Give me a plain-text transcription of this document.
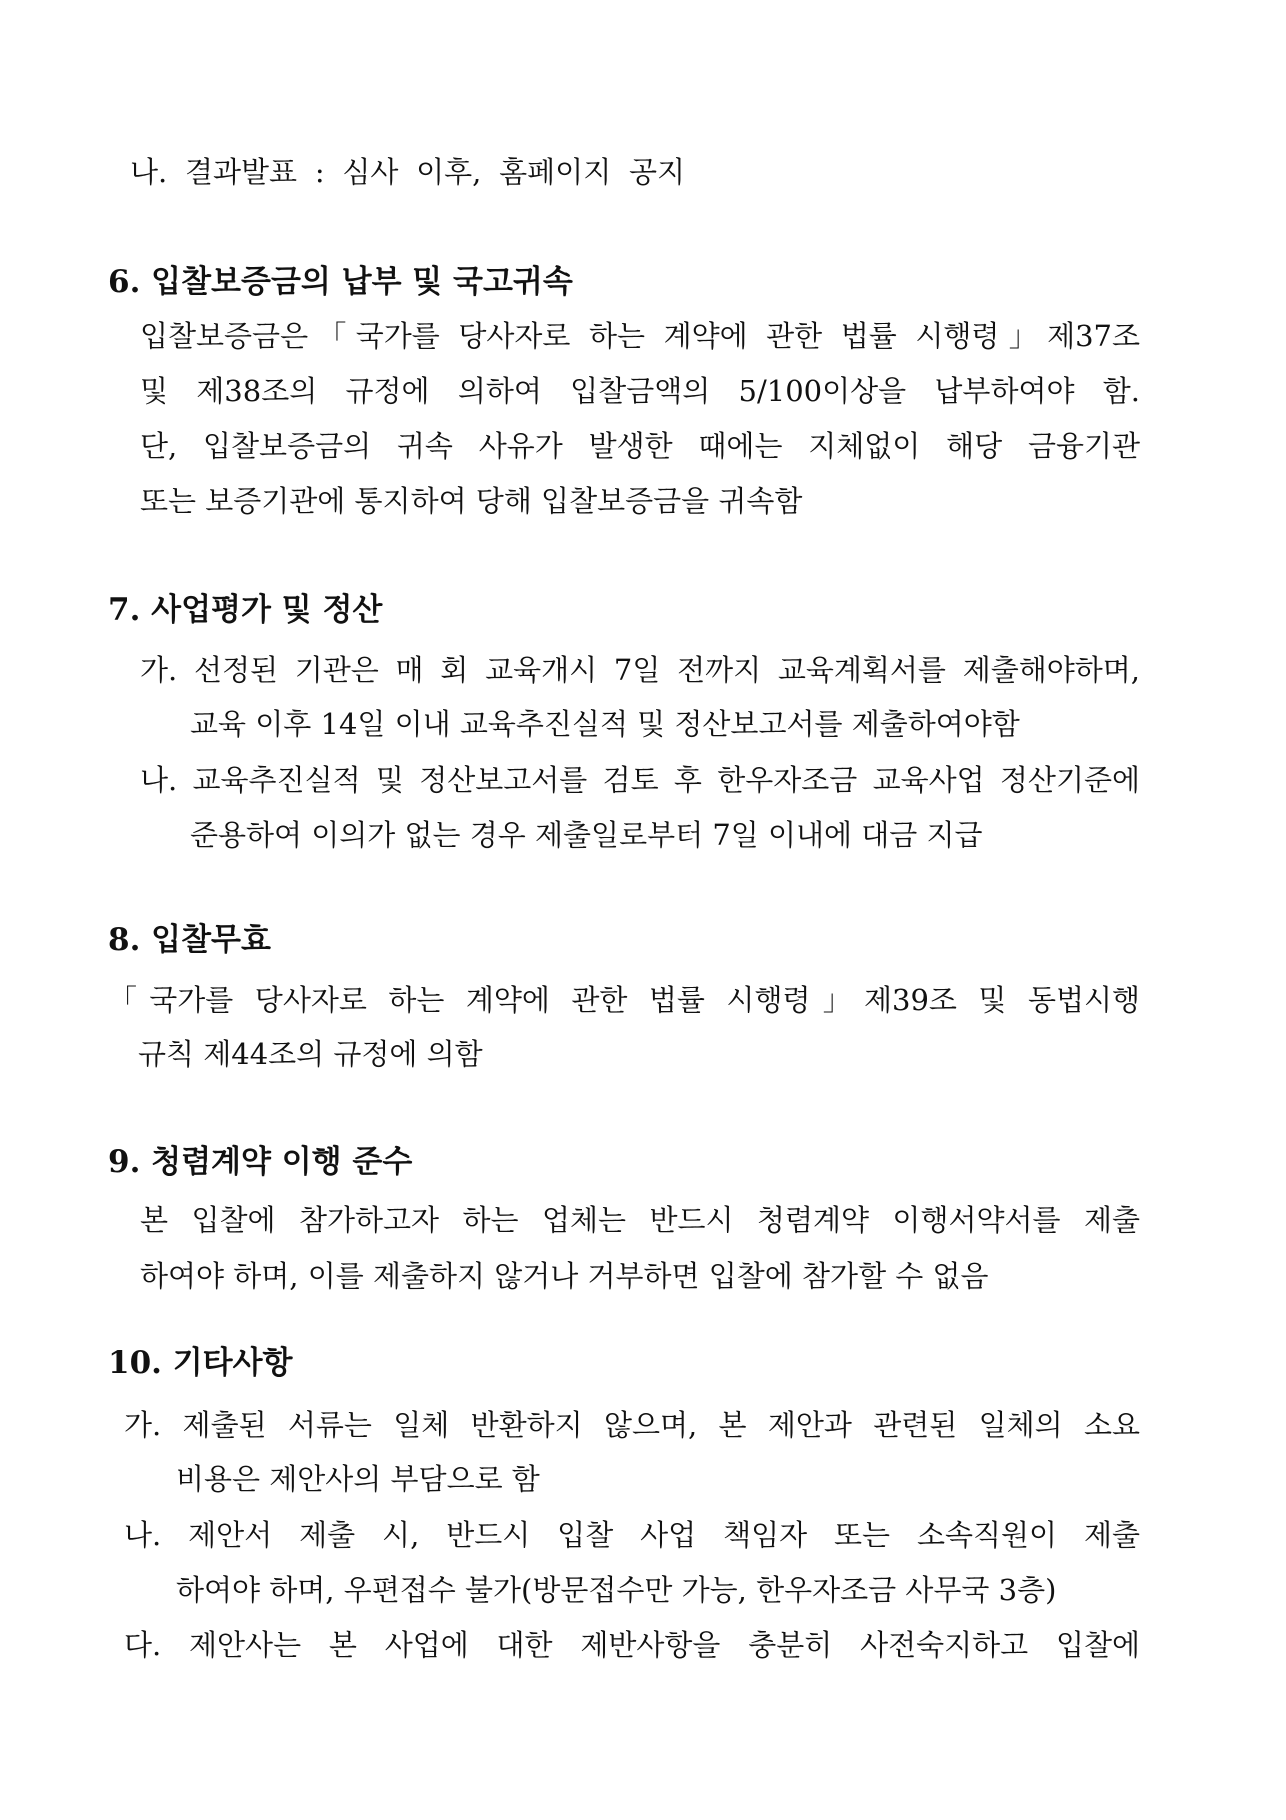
나. 결과발표 : 심사 이후, 홈페이지 공지
6. 입찰보증금의 납부 및 국고귀속
입찰보증금은「국가를 당사자로 하는 계약에 관한 법률 시행령」제37조
및 제38조의 규정에 의하여 입찰금액의 5/100이상을 납부하여야 함.
단, 입찰보증금의 귀속 사유가 발생한 때에는 지체없이 해당 금융기관
또는 보증기관에 통지하여 당해 입찰보증금을 귀속함
7. 사업평가 및 정산
가. 선정된 기관은 매 회 교육개시 7일 전까지 교육계획서를 제출해야하며,
교육 이후 14일 이내 교육추진실적 및 정산보고서를 제출하여야함
나. 교육추진실적 및 정산보고서를 검토 후 한우자조금 교육사업 정산기준에
준용하여 이의가 없는 경우 제출일로부터 7일 이내에 대금 지급
8. 입찰무효
「국가를 당사자로 하는 계약에 관한 법률 시행령」제39조 및 동법시행
규칙 제44조의 규정에 의함
9. 청렴계약 이행 준수
본 입찰에 참가하고자 하는 업체는 반드시 청렴계약 이행서약서를 제출
하여야 하며, 이를 제출하지 않거나 거부하면 입찰에 참가할 수 없음
10. 기타사항
가. 제출된 서류는 일체 반환하지 않으며, 본 제안과 관련된 일체의 소요
비용은 제안사의 부담으로 함
나. 제안서 제출 시, 반드시 입찰 사업 책임자 또는 소속직원이 제출
하여야 하며, 우편접수 불가(방문접수만 가능, 한우자조금 사무국 3층)
다. 제안사는 본 사업에 대한 제반사항을 충분히 사전숙지하고 입찰에
